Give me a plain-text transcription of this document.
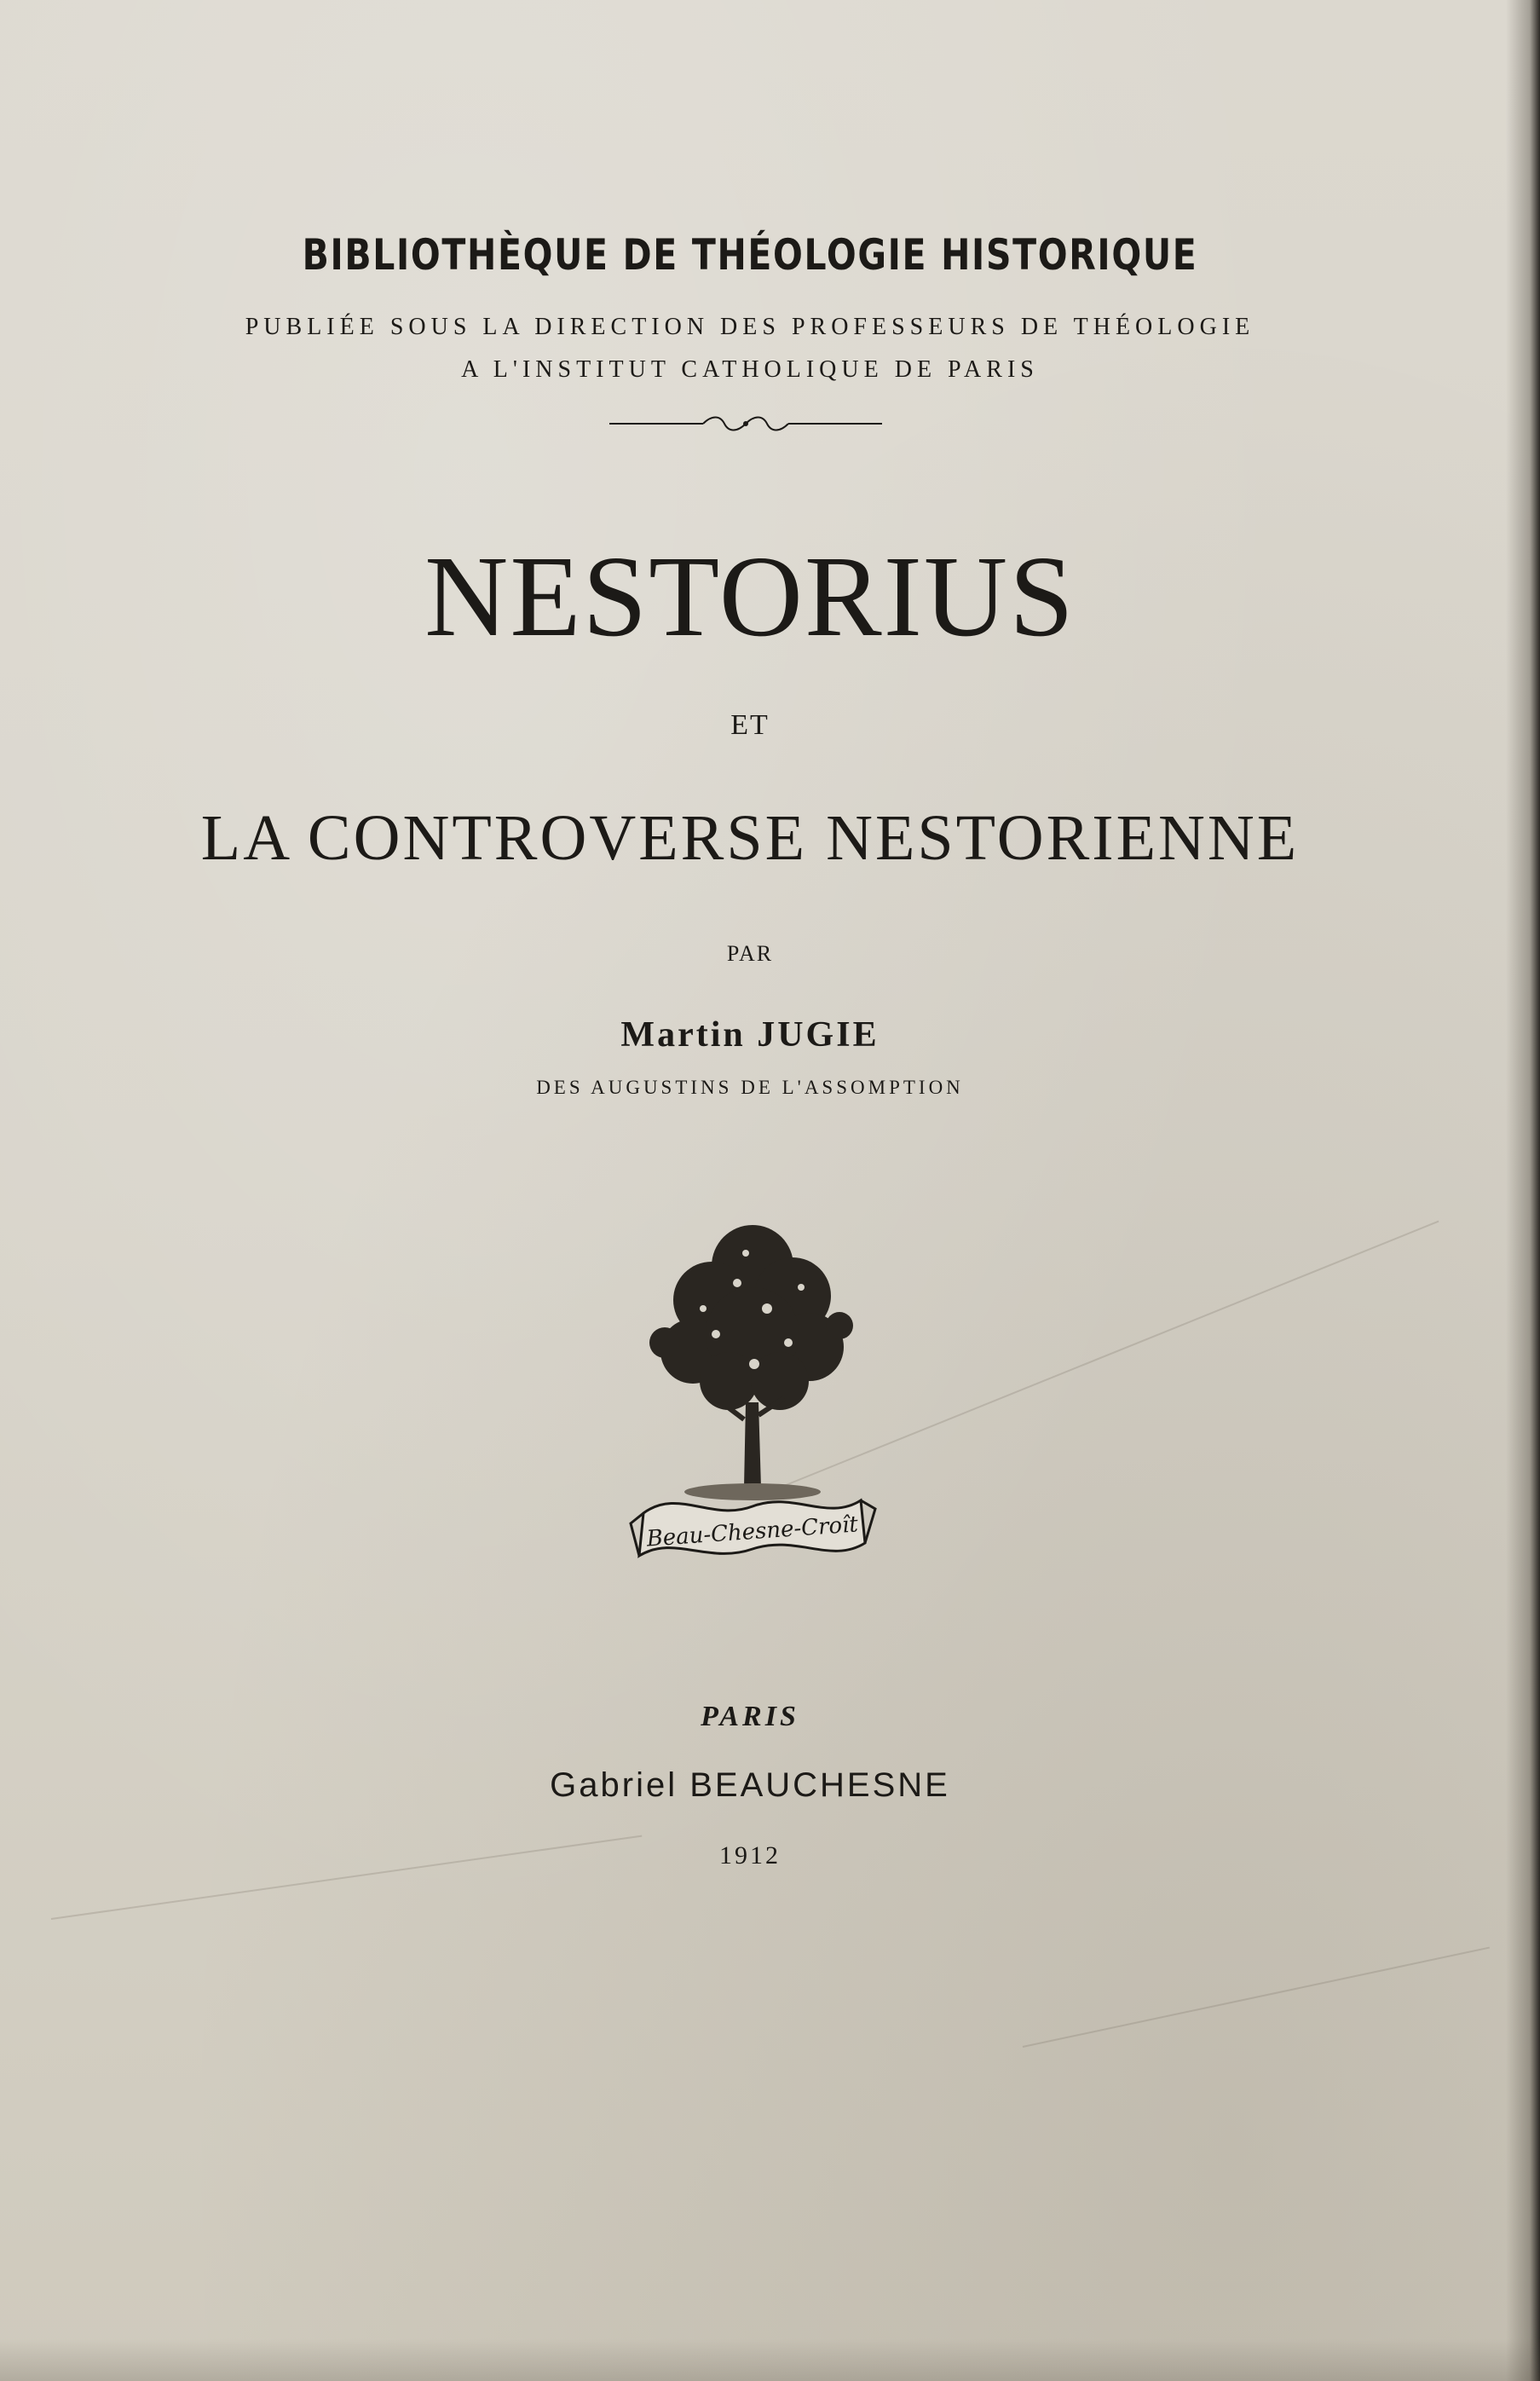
BIBLIOTHÈQUE DE THÉOLOGIE HISTORIQUE
PUBLIÉE SOUS LA DIRECTION DES PROFESSEURS DE THÉOLOGIE
A L'INSTITUT CATHOLIQUE DE PARIS
NESTORIUS
ET
LA CONTROVERSE NESTORIENNE
PAR
Martin JUGIE
DES AUGUSTINS DE L'ASSOMPTION
Beau-Chesne-Croît
PARIS
Gabriel BEAUCHESNE
1912
